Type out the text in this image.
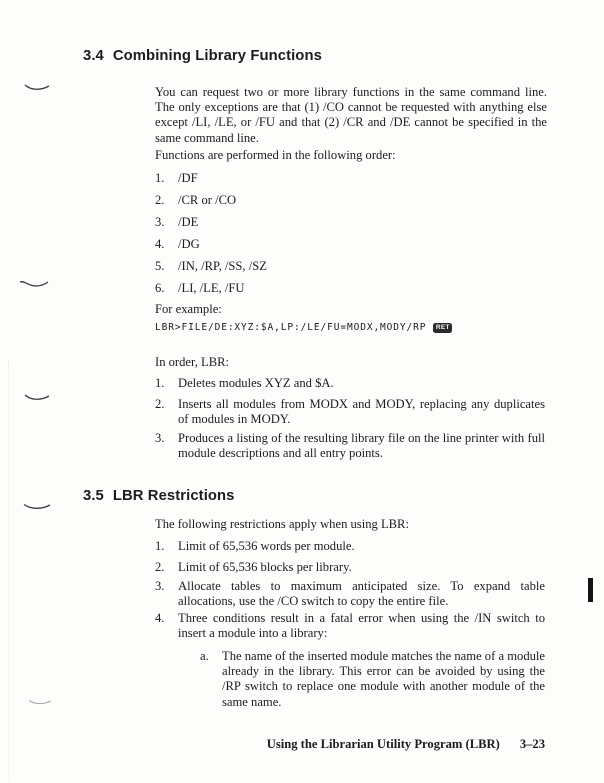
3.4 Combining Library Functions
You can request two or more library functions in the same command line. The only exceptions are that (1) /CO cannot be requested with anything else except /LI, /LE, or /FU and that (2) /CR and /DE cannot be specified in the same command line.
Functions are performed in the following order:
1.	/DF
2.	/CR or /CO
3.	/DE
4.	/DG
5.	/IN, /RP, /SS, /SZ
6.	/LI, /LE, /FU
For example:
LBR>FILE/DE:XYZ:$A,LP:/LE/FU=MODX,MODY/RP	RET
In order, LBR:
1.	Deletes modules XYZ and $A.
2.	Inserts all modules from MODX and MODY, replacing any duplicates of modules in MODY.
3.	Produces a listing of the resulting library file on the line printer with full module descriptions and all entry points.
3.5 LBR Restrictions
The following restrictions apply when using LBR:
1.	Limit of 65,536 words per module.
2.	Limit of 65,536 blocks per library.
3.	Allocate tables to maximum anticipated size. To expand table allocations, use the /CO switch to copy the entire file.
4.	Three conditions result in a fatal error when using the /IN switch to insert a module into a library:
a.	The name of the inserted module matches the name of a module already in the library. This error can be avoided by using the /RP switch to replace one module with another module of the same name.
Using the Librarian Utility Program (LBR) 3–23
